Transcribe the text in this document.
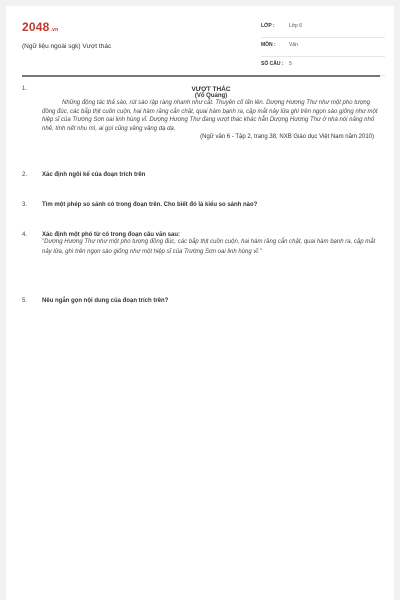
2048.vn
(Ngữ liệu ngoài sgk) Vượt thác
LỚP :	Lớp 6
MÔN :	Văn
SỐ CÂU : 5
1.	VƯỢT THÁC
(Võ Quảng)

Những động tác thả sào, rút sào rập ràng nhanh như cắt. Thuyền cố lấn lên. Dượng Hương Thư như một pho tượng đồng đúc, các bắp thịt cuồn cuộn, hai hàm răng cắn chặt, quai hàm bạnh ra, cặp mắt nảy lửa ghì trên ngọn sào giống như một hiệp sĩ của Trường Sơn oai linh hùng vĩ. Dượng Hương Thư đang vượt thác khác hẳn Dượng Hương Thư ở nhà nói năng nhỏ nhẻ, tính nết nhu mì, ai gọi cũng vâng vâng dạ dạ.

(Ngữ văn 6 - Tập 2, trang 38, NXB Giáo dục Việt Nam năm 2010)
2. Xác định ngôi kể của đoạn trích trên
3. Tìm một phép so sánh có trong đoạn trên. Cho biết đó là kiểu so sánh nào?
4. Xác định một phó từ có trong đoạn câu văn sau:

"Dượng Hương Thư như một pho tượng đồng đúc, các bắp thịt cuồn cuộn, hai hàm răng cắn chặt, quai hàm bạnh ra, cặp mắt nảy lửa, ghì trên ngọn sào giống như một hiệp sĩ của Trường Sơn oai linh hùng vĩ."

5. Nêu ngắn gọn nội dung của đoạn trích trên?
